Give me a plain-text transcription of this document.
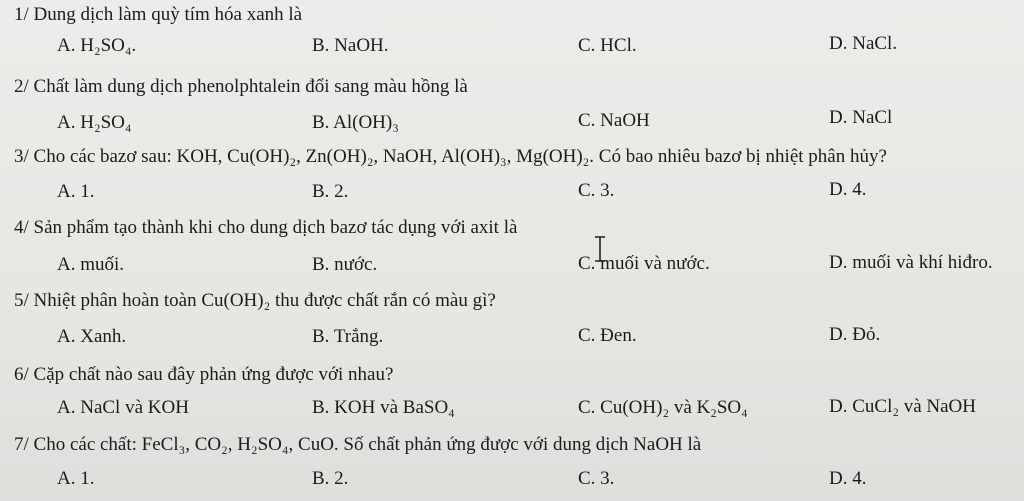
1/ Dung dịch làm quỳ tím hóa xanh là
A. H₂SO₄.	B. NaOH.	C. HCl.	D. NaCl.
2/ Chất làm dung dịch phenolphtalein đổi sang màu hồng là
A. H₂SO₄	B. Al(OH)₃	C. NaOH	D. NaCl
3/ Cho các bazơ sau: KOH, Cu(OH)₂, Zn(OH)₂, NaOH, Al(OH)₃, Mg(OH)₂. Có bao nhiêu bazơ bị nhiệt phân hủy?
A. 1.	B. 2.	C. 3.	D. 4.
4/ Sản phẩm tạo thành khi cho dung dịch bazơ tác dụng với axit là
A. muối.	B. nước.	C. muối và nước.	D. muối và khí hiđro.
5/ Nhiệt phân hoàn toàn Cu(OH)₂ thu được chất rắn có màu gì?
A. Xanh.	B. Trắng.	C. Đen.	D. Đỏ.
6/ Cặp chất nào sau đây phản ứng được với nhau?
A. NaCl và KOH	B. KOH và BaSO₄	C. Cu(OH)₂ và K₂SO₄	D. CuCl₂ và NaOH
7/ Cho các chất: FeCl₃, CO₂, H₂SO₄, CuO. Số chất phản ứng được với dung dịch NaOH là
A. 1.	B. 2.	C. 3.	D. 4.
